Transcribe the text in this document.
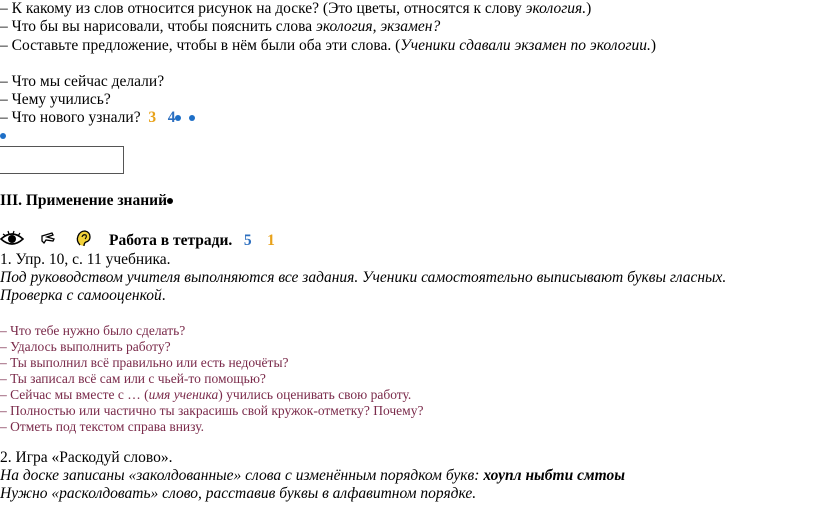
– К какому из слов относится рисунок на доске? (Это цветы, относятся к слову экология.)
– Что бы вы нарисовали, чтобы пояснить слова экология, экзамен?
– Составьте предложение, чтобы в нём были оба эти слова. (Ученики сдавали экзамен по экологии.)
– Что мы сейчас делали?
– Чему учились?
– Что нового узнали? 3 4
III. Применение знаний
Работа в тетради. 5 1
1. Упр. 10, с. 11 учебника.
Под руководством учителя выполняются все задания. Ученики самостоятельно выписывают буквы гласных.
Проверка с самооценкой.
– Что тебе нужно было сделать?
– Удалось выполнить работу?
– Ты выполнил всё правильно или есть недочёты?
– Ты записал всё сам или с чьей-то помощью?
– Сейчас мы вместе с … (имя ученика) учились оценивать свою работу.
– Полностью или частично ты закрасишь свой кружок-отметку? Почему?
– Отметь под текстом справа внизу.
2. Игра «Раскодуй слово».
На доске записаны «заколдованные» слова с изменённым порядком букв: хоупл ныбти смтоы
Нужно «расколдовать» слово, расставив буквы в алфавитном порядке.
